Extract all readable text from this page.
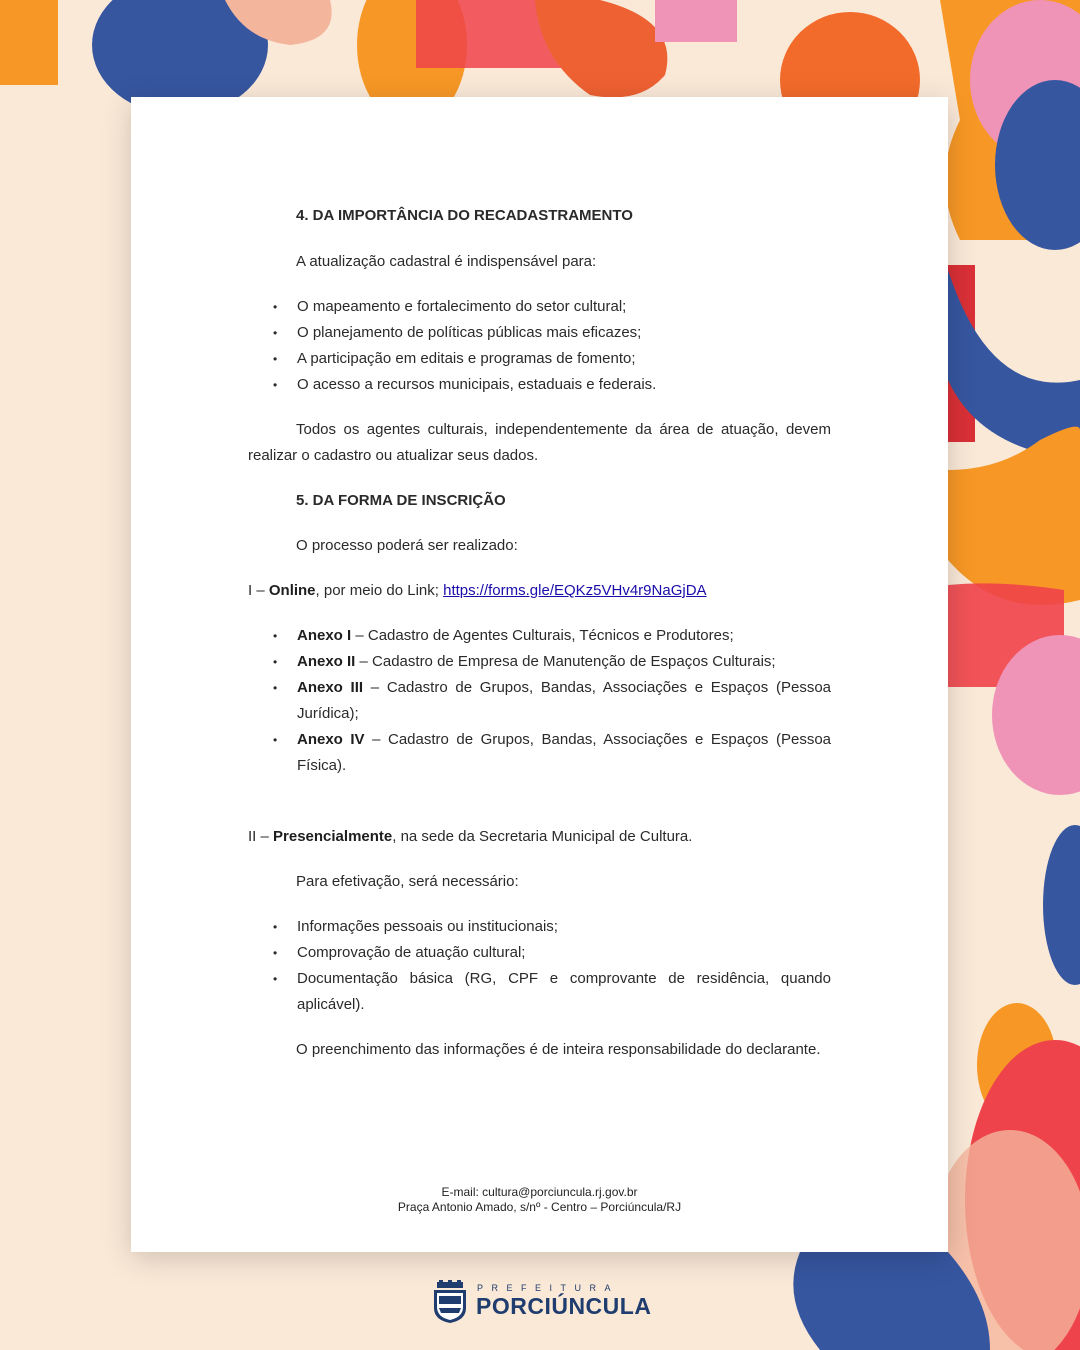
4. DA IMPORTÂNCIA DO RECADASTRAMENTO

A atualização cadastral é indispensável para:

• O mapeamento e fortalecimento do setor cultural;
• O planejamento de políticas públicas mais eficazes;
• A participação em editais e programas de fomento;
• O acesso a recursos municipais, estaduais e federais.

Todos os agentes culturais, independentemente da área de atuação, devem realizar o cadastro ou atualizar seus dados.

5. DA FORMA DE INSCRIÇÃO

O processo poderá ser realizado:

I – Online, por meio do Link; https://forms.gle/EQKz5VHv4r9NaGjDA

• Anexo I – Cadastro de Agentes Culturais, Técnicos e Produtores;
• Anexo II – Cadastro de Empresa de Manutenção de Espaços Culturais;
• Anexo III – Cadastro de Grupos, Bandas, Associações e Espaços (Pessoa Jurídica);
• Anexo IV – Cadastro de Grupos, Bandas, Associações e Espaços (Pessoa Física).

II – Presencialmente, na sede da Secretaria Municipal de Cultura.

Para efetivação, será necessário:

• Informações pessoais ou institucionais;
• Comprovação de atuação cultural;
• Documentação básica (RG, CPF e comprovante de residência, quando aplicável).

O preenchimento das informações é de inteira responsabilidade do declarante.

E-mail: cultura@porciuncula.rj.gov.br
Praça Antonio Amado, s/nº - Centro – Porciúncula/RJ
PREFEITURA
PORCIÚNCULA
